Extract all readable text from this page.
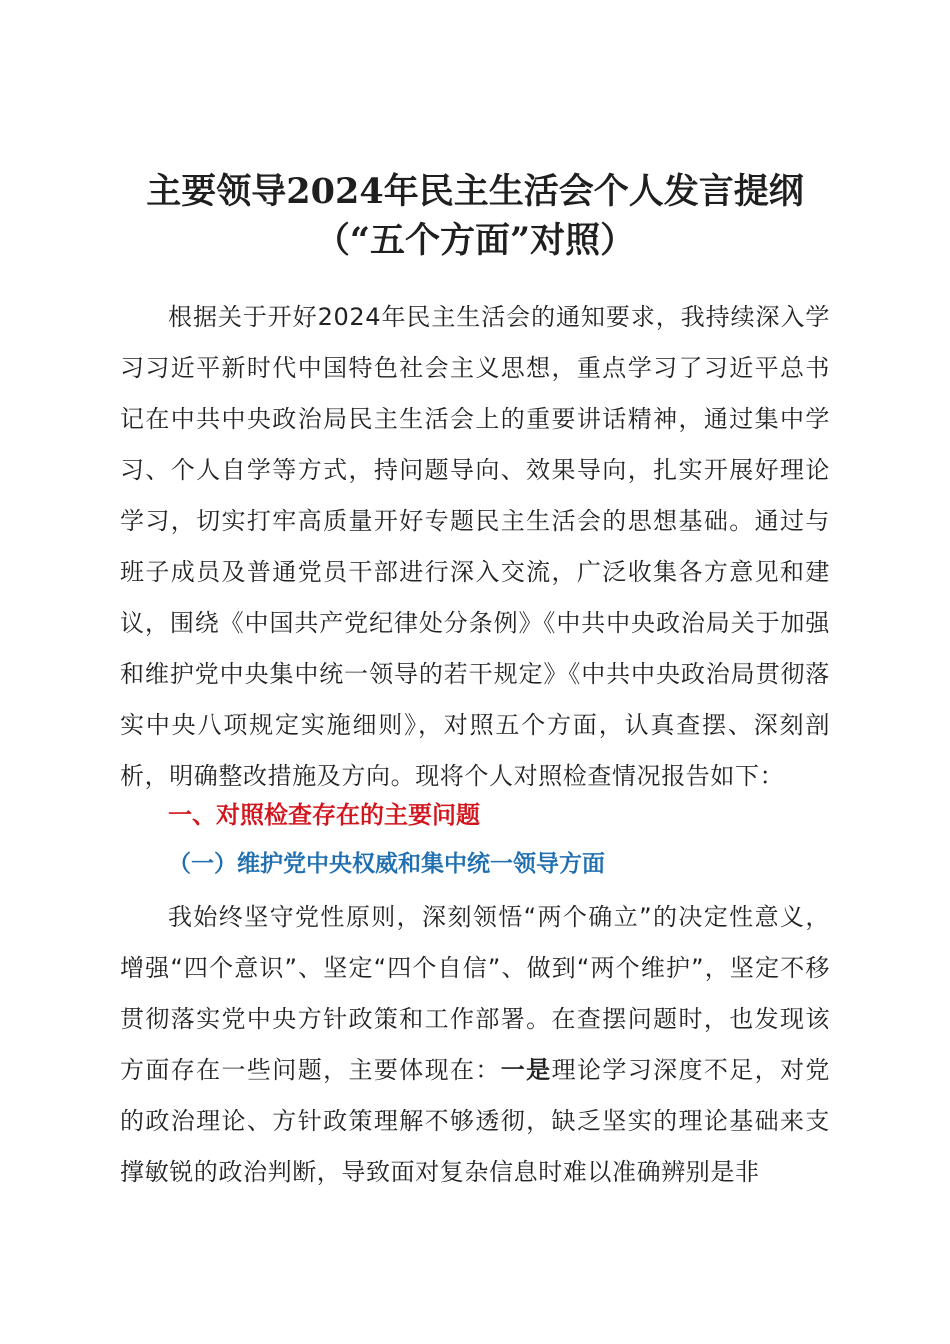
主要领导2024年民主生活会个人发言提纲
（“五个方面”对照）

根据关于开好2024年民主生活会的通知要求，我持续深入学习习近平新时代中国特色社会主义思想，重点学习了习近平总书记在中共中央政治局民主生活会上的重要讲话精神，通过集中学习、个人自学等方式，持问题导向、效果导向，扎实开展好理论学习，切实打牢高质量开好专题民主生活会的思想基础。通过与班子成员及普通党员干部进行深入交流，广泛收集各方意见和建议，围绕《中国共产党纪律处分条例》《中共中央政治局关于加强和维护党中央集中统一领导的若干规定》《中共中央政治局贯彻落实中央八项规定实施细则》，对照五个方面，认真查摆、深刻剖析，明确整改措施及方向。现将个人对照检查情况报告如下：

一、对照检查存在的主要问题
（一）维护党中央权威和集中统一领导方面

我始终坚守党性原则，深刻领悟“两个确立”的决定性意义，增强“四个意识”、坚定“四个自信”、做到“两个维护”，坚定不移贯彻落实党中央方针政策和工作部署。在查摆问题时，也发现该方面存在一些问题，主要体现在：一是理论学习深度不足，对党的政治理论、方针政策理解不够透彻，缺乏坚实的理论基础来支撑敏锐的政治判断，导致面对复杂信息时难以准确辨别是非
